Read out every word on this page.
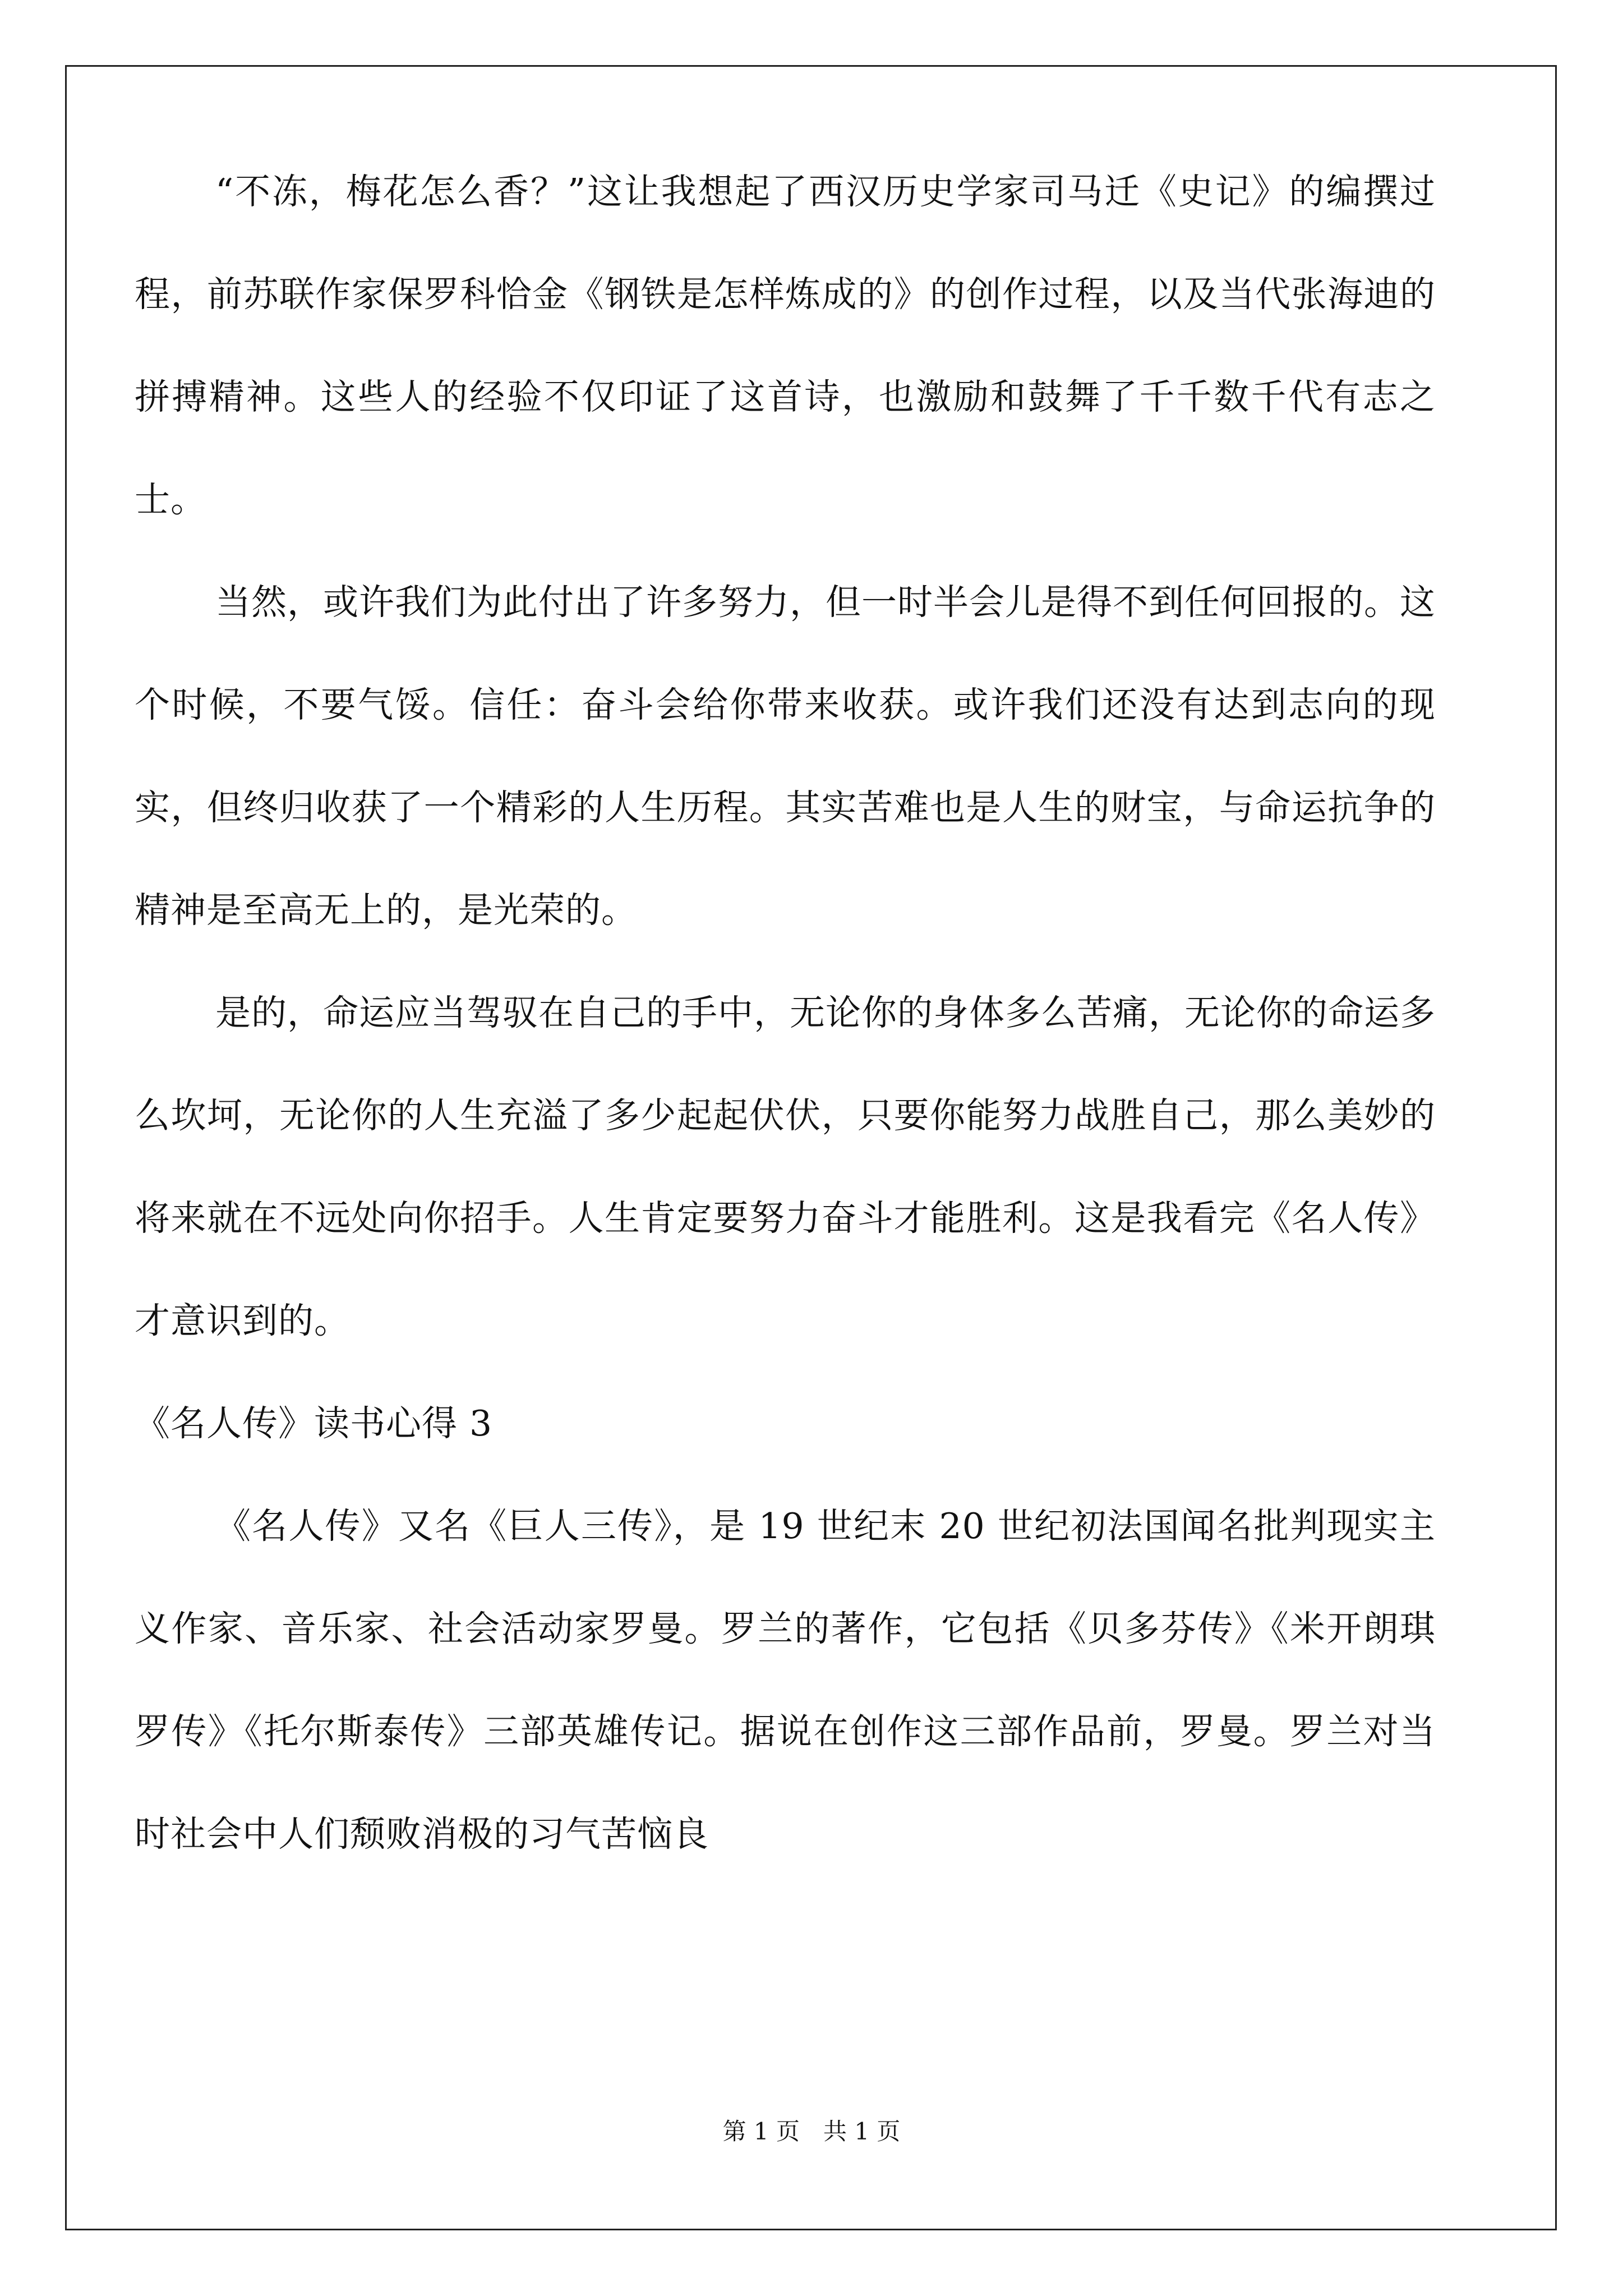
“不冻，梅花怎么香？”这让我想起了西汉历史学家司马迁《史记》的编撰过程，前苏联作家保罗科恰金《钢铁是怎样炼成的》的创作过程，以及当代张海迪的拼搏精神。这些人的经验不仅印证了这首诗，也激励和鼓舞了千千数千代有志之士。

当然，或许我们为此付出了许多努力，但一时半会儿是得不到任何回报的。这个时候，不要气馁。信任：奋斗会给你带来收获。或许我们还没有达到志向的现实，但终归收获了一个精彩的人生历程。其实苦难也是人生的财宝，与命运抗争的精神是至高无上的，是光荣的。

是的，命运应当驾驭在自己的手中，无论你的身体多么苦痛，无论你的命运多么坎坷，无论你的人生充溢了多少起起伏伏，只要你能努力战胜自己，那么美妙的将来就在不远处向你招手。人生肯定要努力奋斗才能胜利。这是我看完《名人传》才意识到的。

《名人传》读书心得 3

《名人传》又名《巨人三传》，是 19 世纪末 20 世纪初法国闻名批判现实主义作家、音乐家、社会活动家罗曼。罗兰的著作，它包括《贝多芬传》《米开朗琪罗传》《托尔斯泰传》三部英雄传记。据说在创作这三部作品前，罗曼。罗兰对当时社会中人们颓败消极的习气苦恼良

第 1 页　共 1 页
